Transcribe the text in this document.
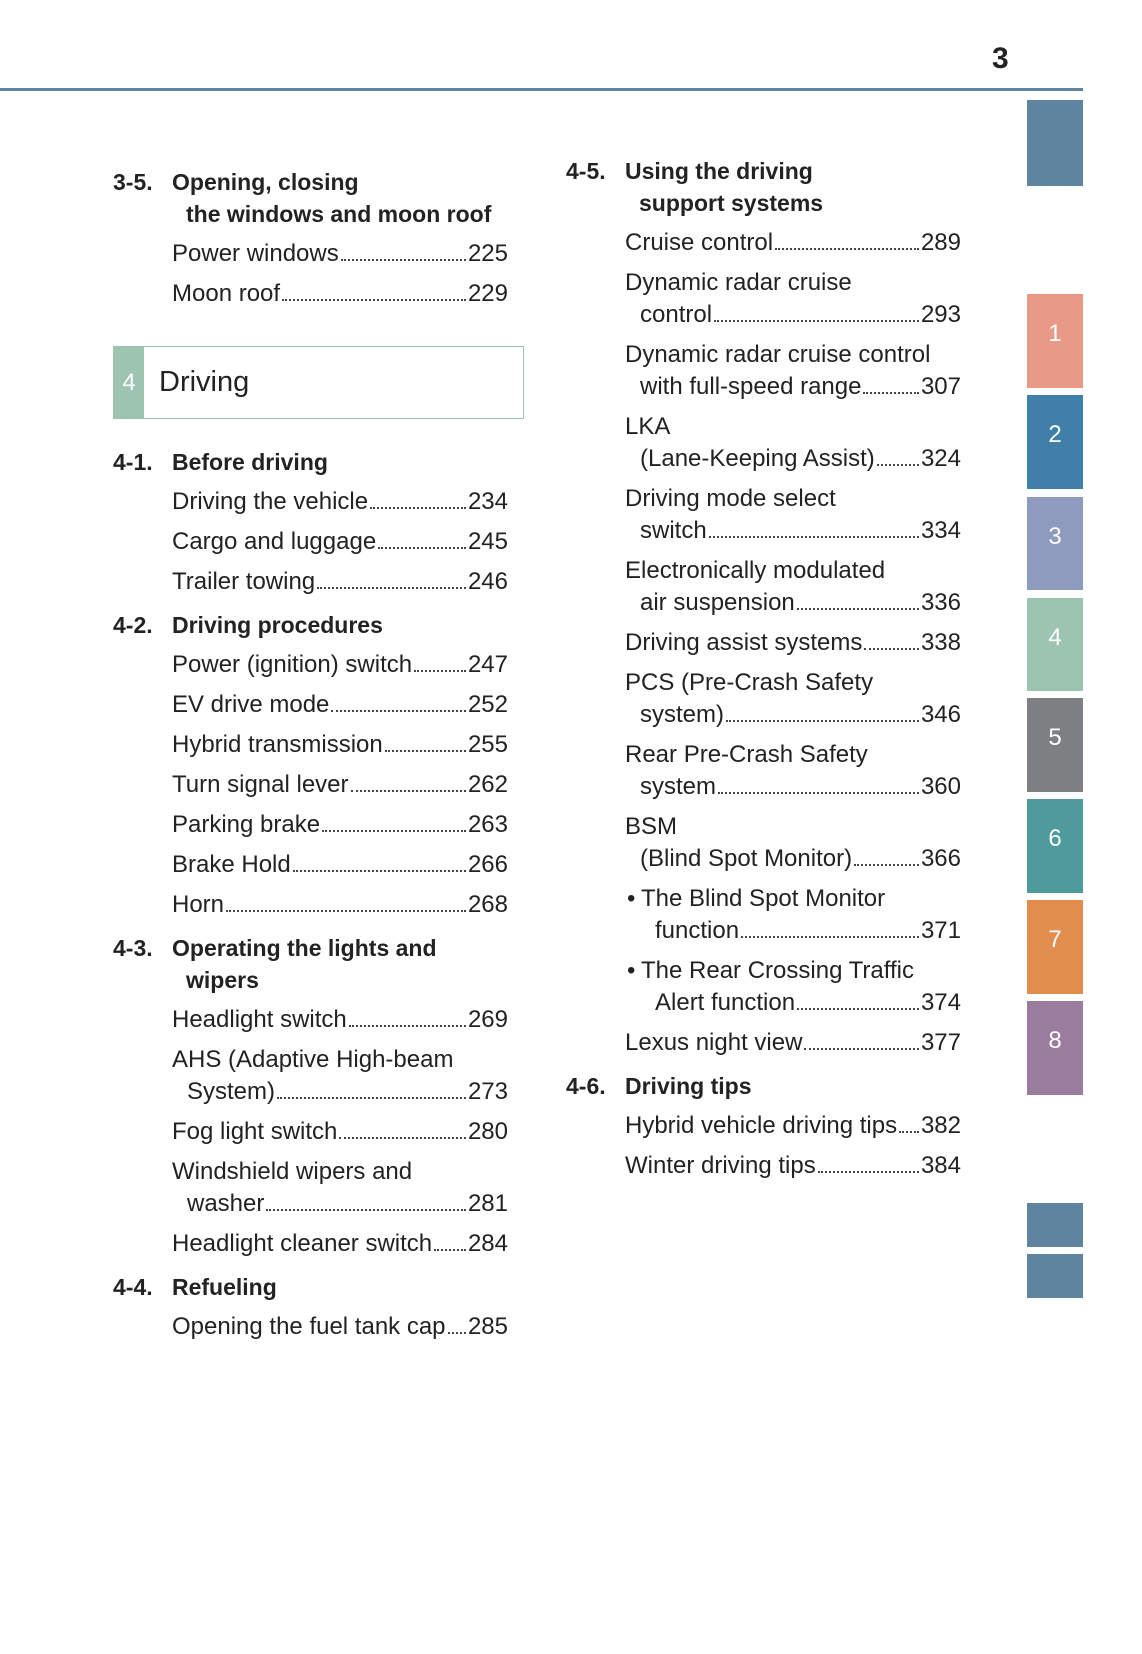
3
1
2
3
4
5
6
7
8
3-5. Opening, closing
the windows and moon roof
Power windows	225
Moon roof	229
4 Driving
4-1. Before driving
Driving the vehicle	234
Cargo and luggage	245
Trailer towing	246
4-2. Driving procedures
Power (ignition) switch 247
EV drive mode	252
Hybrid transmission	255
Turn signal lever	262
Parking brake	263
Brake Hold	266
Horn	268
4-3. Operating the lights and
wipers
Headlight switch	269
AHS (Adaptive High-beam
System)	273
Fog light switch	280
Windshield wipers and
washer	281
Headlight cleaner switch 284
4-4. Refueling
Opening the fuel tank cap 285
4-5. Using the driving
support systems
Cruise control	289
Dynamic radar cruise
control	293
Dynamic radar cruise control
with full-speed range 307
LKA
(Lane-Keeping Assist) 324
Driving mode select
switch	334
Electronically modulated
air suspension	336
Driving assist systems 338
PCS (Pre-Crash Safety
system)	346
Rear Pre-Crash Safety
system	360
BSM
(Blind Spot Monitor)	366
• The Blind Spot Monitor
function	371
• The Rear Crossing Traffic
Alert function	374
Lexus night view	377
4-6. Driving tips
Hybrid vehicle driving tips 382
Winter driving tips	384
